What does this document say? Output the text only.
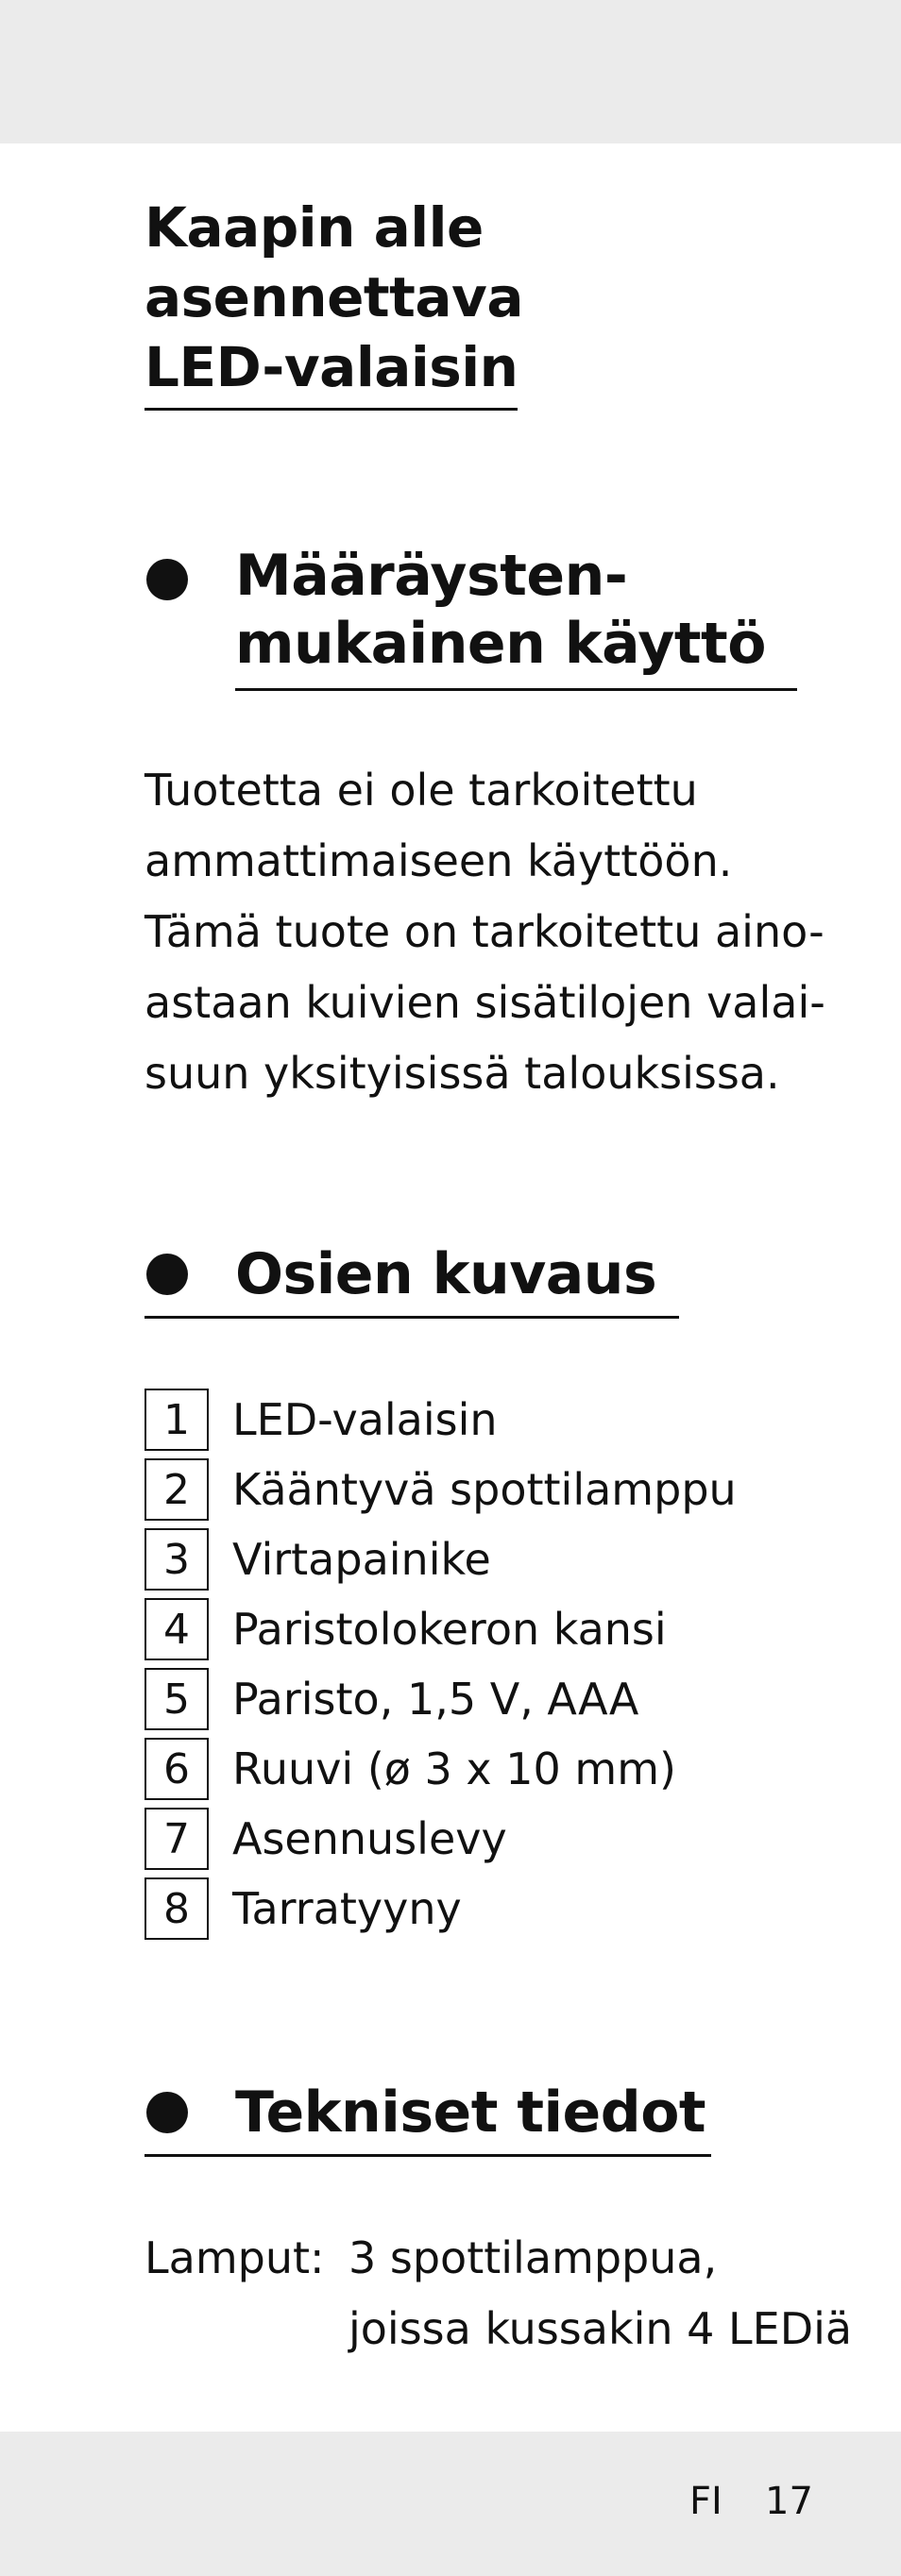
Kaapin alle
asennettava
LED-valaisin
Määräysten-
mukainen käyttö
Tuotetta ei ole tarkoitettu
ammattimaiseen käyttöön.
Tämä tuote on tarkoitettu aino-
astaan kuivien sisätilojen valai-
suun yksityisissä talouksissa.
Osien kuvaus
1 LED-valaisin
2 Kääntyvä spottilamppu
3 Virtapainike
4 Paristolokeron kansi
5 Paristo, 1,5 V, AAA
6 Ruuvi (ø 3 x 10 mm)
7 Asennuslevy
8 Tarratyyny
Tekniset tiedot
Lamput: 3 spottilamppua,
joissa kussakin 4 LEDiä
FI 17
